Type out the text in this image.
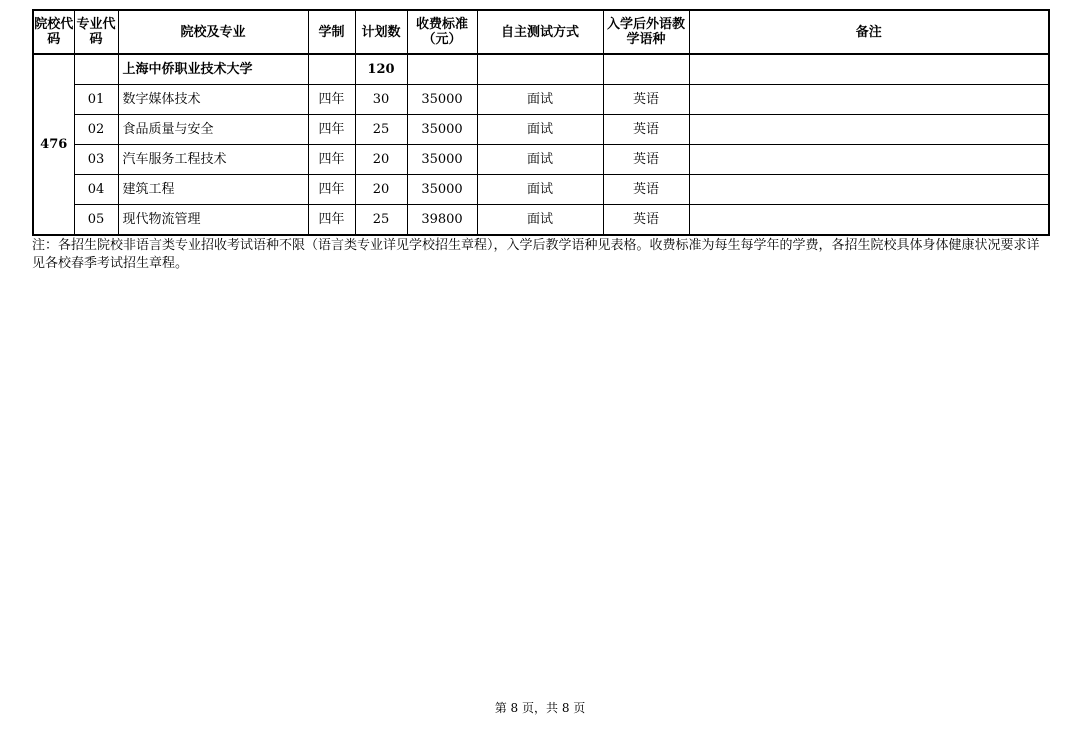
院校代码	专业代码	院校及专业	学制	计划数	收费标准（元）	自主测试方式	入学后外语教学语种	备注
476		上海中侨职业技术大学		120				
	01	数字媒体技术	四年	30	35000	面试	英语	
	02	食品质量与安全	四年	25	35000	面试	英语	
	03	汽车服务工程技术	四年	20	35000	面试	英语	
	04	建筑工程	四年	20	35000	面试	英语	
	05	现代物流管理	四年	25	39800	面试	英语	

注：各招生院校非语言类专业招收考试语种不限（语言类专业详见学校招生章程），入学后教学语种见表格。收费标准为每生每学年的学费，各招生院校具体身体健康状况要求详见各校春季考试招生章程。

第 8 页，共 8 页
